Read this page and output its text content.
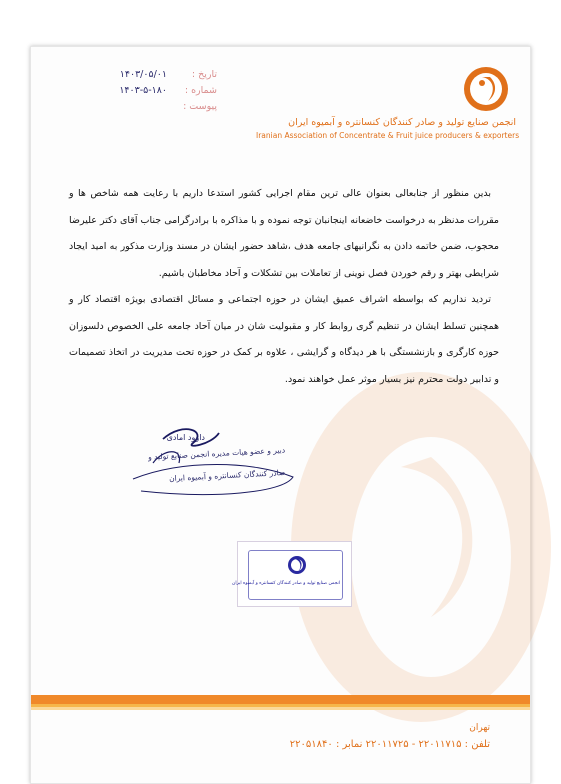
انجمن صنایع تولید و صادر کنندگان کنسانتره و آبمیوه ایران
Iranian Association of Concentrate & Fruit juice producers & exporters
تاریخ :
۱۴۰۳/۰۵/۰۱
شماره :
۱۴۰۳-۵-۱۸۰
پیوست :

بدین منظور از جنابعالی بعنوان عالی ترین مقام اجرایی کشور استدعا داریم با رعایت همه شاخص ها و مقررات مدنظر به درخواست خاضعانه اینجانبان توجه نموده و با مذاکره با برادرگرامی جناب آقای دکتر علیرضا محجوب، ضمن خاتمه دادن به نگرانیهای جامعه هدف ،شاهد حضور ایشان در مسند وزارت مذکور به امید ایجاد شرایطی بهتر و رقم خوردن فصل نوینی از تعاملات بین تشکلات و آحاد مخاطبان باشیم.

تردید نداریم که بواسطه اشراف عمیق ایشان در حوزه اجتماعی و مسائل اقتصادی بویژه اقتصاد کار و همچنین تسلط ایشان در تنظیم گری روابط کار و مقبولیت شان در میان آحاد جامعه علی الخصوص دلسوزان حوزه کارگری و بازنشستگی با هر دیدگاه و گرایشی ، علاوه بر کمک در حوزه تحت مدیریت در اتخاذ تصمیمات و تدابیر دولت محترم نیز بسیار موثر عمل خواهند نمود.

داوود امادی
دبیر و عضو هیات مدیره انجمن صنایع تولید و
صادر کنندگان کنسانتره و آبمیوه ایران
انجمن صنایع تولید و صادر کنندگان کنسانتره و آبمیوه ایران
تهران
تلفن : ۲۲۰۱۱۷۱۵ - ۲۲۰۱۱۷۲۵ نمابر : ۲۲۰۵۱۸۴۰
